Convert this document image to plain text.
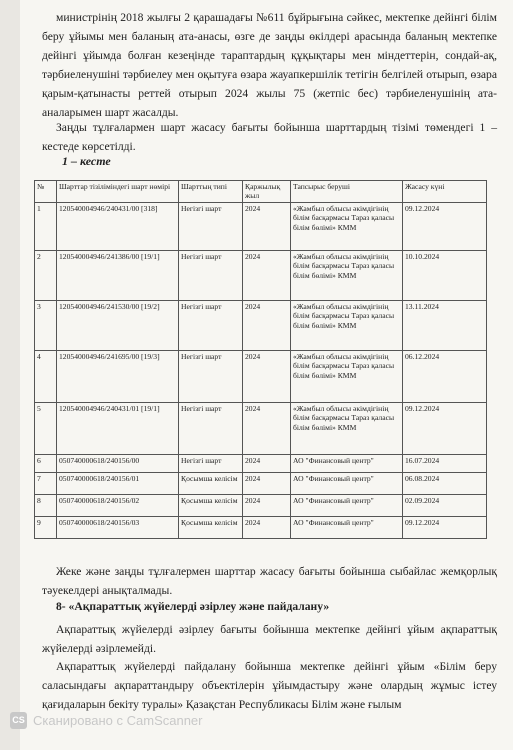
министрінің 2018 жылғы 2 қарашадағы №611 бұйрығына сәйкес, мектепке дейінгі білім беру ұйымы мен баланың ата-анасы, өзге де заңды өкілдері арасында баланың мектепке дейінгі ұйымда болған кезеңінде тараптардың құқықтары мен міндеттерін, сондай-ақ, тәрбиеленушіні тәрбиелеу мен оқытуға өзара жауапкершілік тетігін белгілей отырып, өзара қарым-қатынасты реттей отырып 2024 жылы 75 (жетпіс бес) тәрбиеленушінің ата-аналарымен шарт жасалды.

Заңды тұлғалармен шарт жасасу бағыты бойынша шарттардың тізімі төмендегі 1 – кестеде көрсетілді.

1 – кесте
№	Шарттар тізіліміндегі шарт нөмірі	Шарттың типі	Қаржылық жыл	Тапсырыс беруші	Жасасу күні
1	120540004946/240431/00 [318]	Негізгі шарт	2024	«Жамбыл облысы әкімдігінің білім басқармасы Тараз қаласы білім бөлімі» КММ	09.12.2024
2	120540004946/241386/00 [19/1]	Негізгі шарт	2024	«Жамбыл облысы әкімдігінің білім басқармасы Тараз қаласы білім бөлімі» КММ	10.10.2024
3	120540004946/241530/00 [19/2]	Негізгі шарт	2024	«Жамбыл облысы әкімдігінің білім басқармасы Тараз қаласы білім бөлімі» КММ	13.11.2024
4	120540004946/241695/00 [19/3]	Негізгі шарт	2024	«Жамбыл облысы әкімдігінің білім басқармасы Тараз қаласы білім бөлімі» КММ	06.12.2024
5	120540004946/240431/01 [19/1]	Негізгі шарт	2024	«Жамбыл облысы әкімдігінің білім басқармасы Тараз қаласы білім бөлімі» КММ	09.12.2024
6	050740000618/240156/00	Негізгі шарт	2024	АО "Финансовый центр"	16.07.2024
7	050740000618/240156/01	Қосымша келісім	2024	АО "Финансовый центр"	06.08.2024
8	050740000618/240156/02	Қосымша келісім	2024	АО "Финансовый центр"	02.09.2024
9	050740000618/240156/03	Қосымша келісім	2024	АО "Финансовый центр"	09.12.2024

Жеке және заңды тұлғалермен шарттар жасасу бағыты бойынша сыбайлас жемқорлық тәуекелдері анықталмады.

8- «Ақпараттық жүйелерді әзірлеу және пайдалану»

Ақпараттық жүйелерді әзірлеу бағыты бойынша мектепке дейінгі ұйым ақпараттық жүйелерді әзірлемейді.

Ақпараттық жүйелерді пайдалану бойынша мектепке дейінгі ұйым «Білім беру саласындағы ақпараттандыру объектілерін ұйымдастыру және олардың жұмыс істеу қағидаларын бекіту туралы» Қазақстан Республикасы Білім және ғылым

CS Сканировано с CamScanner
